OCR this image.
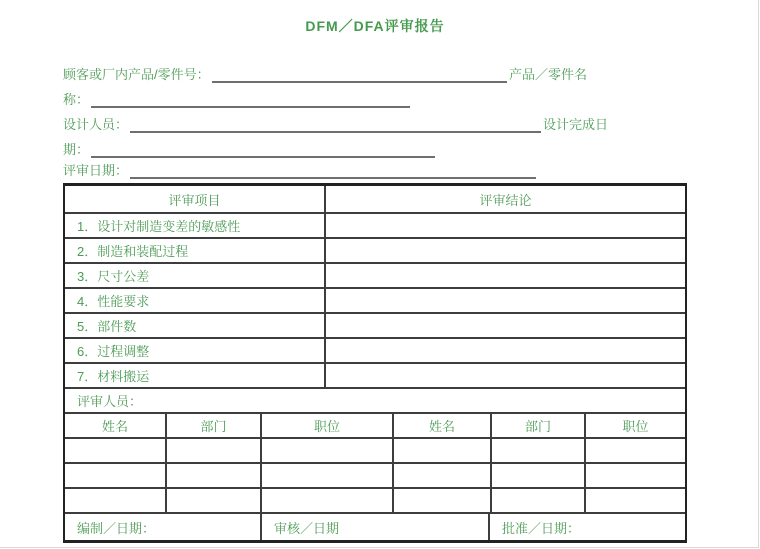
DFM／DFA评审报告
顾客或厂内产品/零件号：	产品／零件名
称：
设计人员：	设计完成日
期：
评审日期：
评审项目	评审结论
1．设计对制造变差的敏感性
2．制造和装配过程
3．尺寸公差
4．性能要求
5．部件数
6．过程调整
7．材料搬运
评审人员：
姓名	部门	职位	姓名	部门	职位
编制／日期：	审核／日期	批准／日期：
